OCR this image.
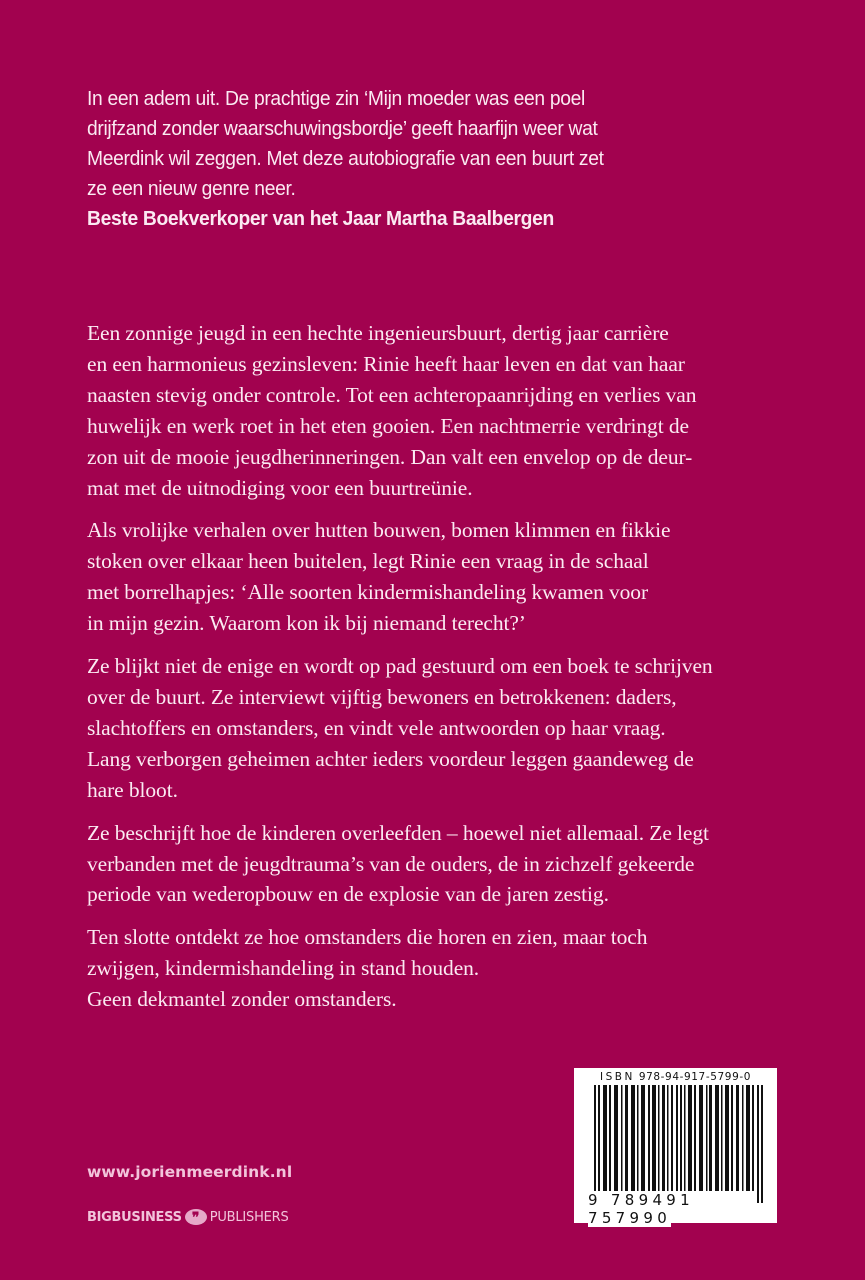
In een adem uit. De prachtige zin ‘Mijn moeder was een poel

drijfzand zonder waarschuwingsbordje’ geeft haarfijn weer wat

Meerdink wil zeggen. Met deze autobiografie van een buurt zet

ze een nieuw genre neer.

Beste Boekverkoper van het Jaar Martha Baalbergen

Een zonnige jeugd in een hechte ingenieursbuurt, dertig jaar carrière
en een harmonieus gezinsleven: Rinie heeft haar leven en dat van haar
naasten stevig onder controle. Tot een achteropaanrijding en verlies van
huwelijk en werk roet in het eten gooien. Een nachtmerrie verdringt de
zon uit de mooie jeugdherinneringen. Dan valt een envelop op de deur-
mat met de uitnodiging voor een buurtreünie.

Als vrolijke verhalen over hutten bouwen, bomen klimmen en fikkie
stoken over elkaar heen buitelen, legt Rinie een vraag in de schaal
met borrelhapjes: ‘Alle soorten kindermishandeling kwamen voor
in mijn gezin. Waarom kon ik bij niemand terecht?’

Ze blijkt niet de enige en wordt op pad gestuurd om een boek te schrijven
over de buurt. Ze interviewt vijftig bewoners en betrokkenen: daders,
slachtoffers en omstanders, en vindt vele antwoorden op haar vraag.
Lang verborgen geheimen achter ieders voordeur leggen gaandeweg de
hare bloot.

Ze beschrijft hoe de kinderen overleefden – hoewel niet allemaal. Ze legt
verbanden met de jeugdtrauma’s van de ouders, de in zichzelf gekeerde
periode van wederopbouw en de explosie van de jaren zestig.

Ten slotte ontdekt ze hoe omstanders die horen en zien, maar toch
zwijgen, kindermishandeling in stand houden.
Geen dekmantel zonder omstanders.

www.jorienmeerdink.nl
BIGBUSINESS ❞ PUBLISHERS
ISBN 978-94-917-5799-0
9 789491 757990
